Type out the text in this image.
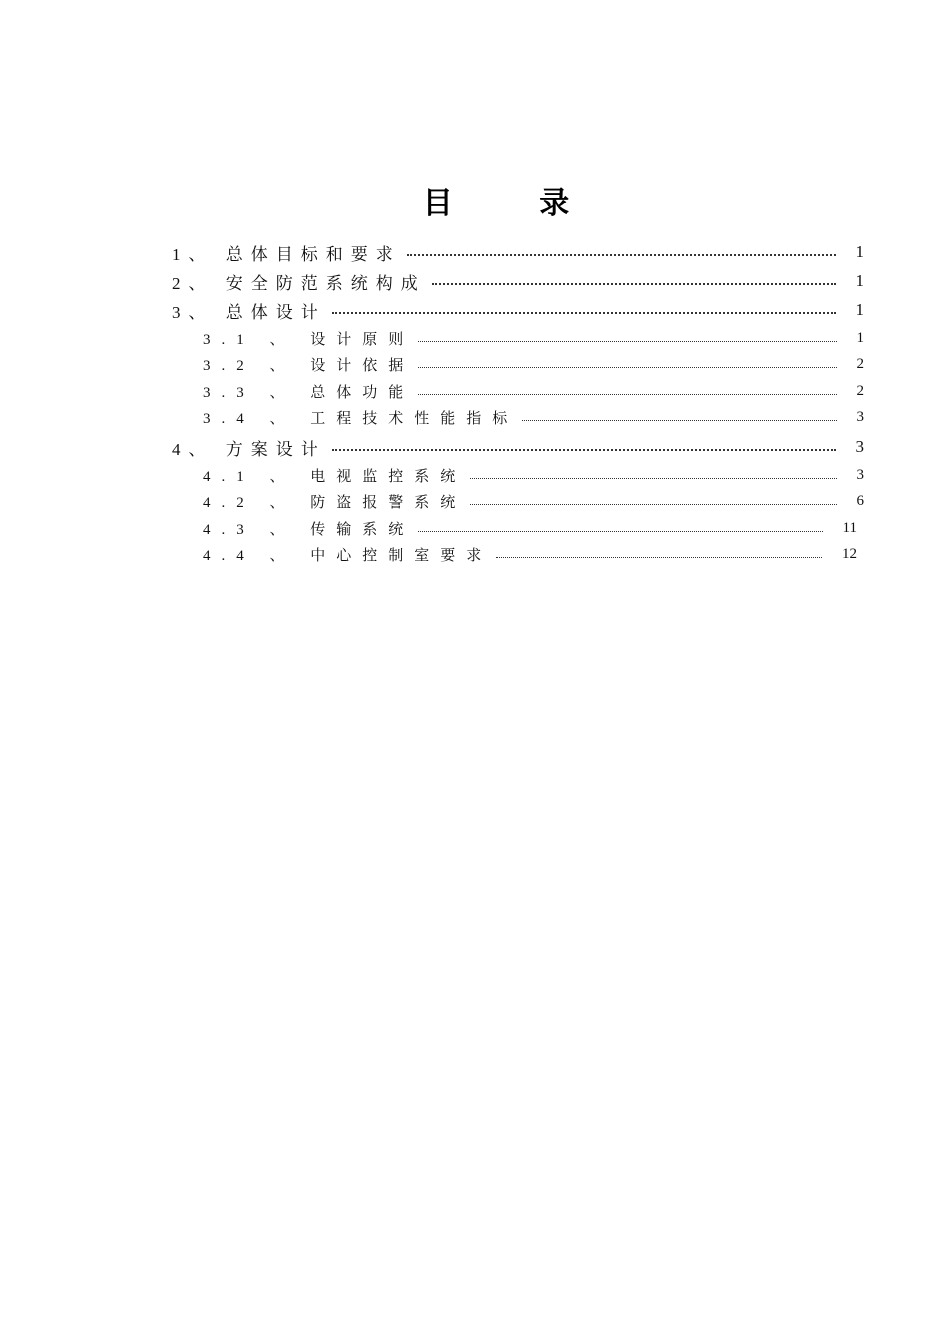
目 录
1、 总体目标和要求	1
2、 安全防范系统构成	1
3、 总体设计	1
3.1 、 设计原则	1
3.2 、 设计依据	2
3.3 、 总体功能	2
3.4 、 工程技术性能指标	3
4、 方案设计	3
4.1 、 电视监控系统	3
4.2 、 防盗报警系统	6
4.3 、 传输系统	11
4.4 、 中心控制室要求	12
